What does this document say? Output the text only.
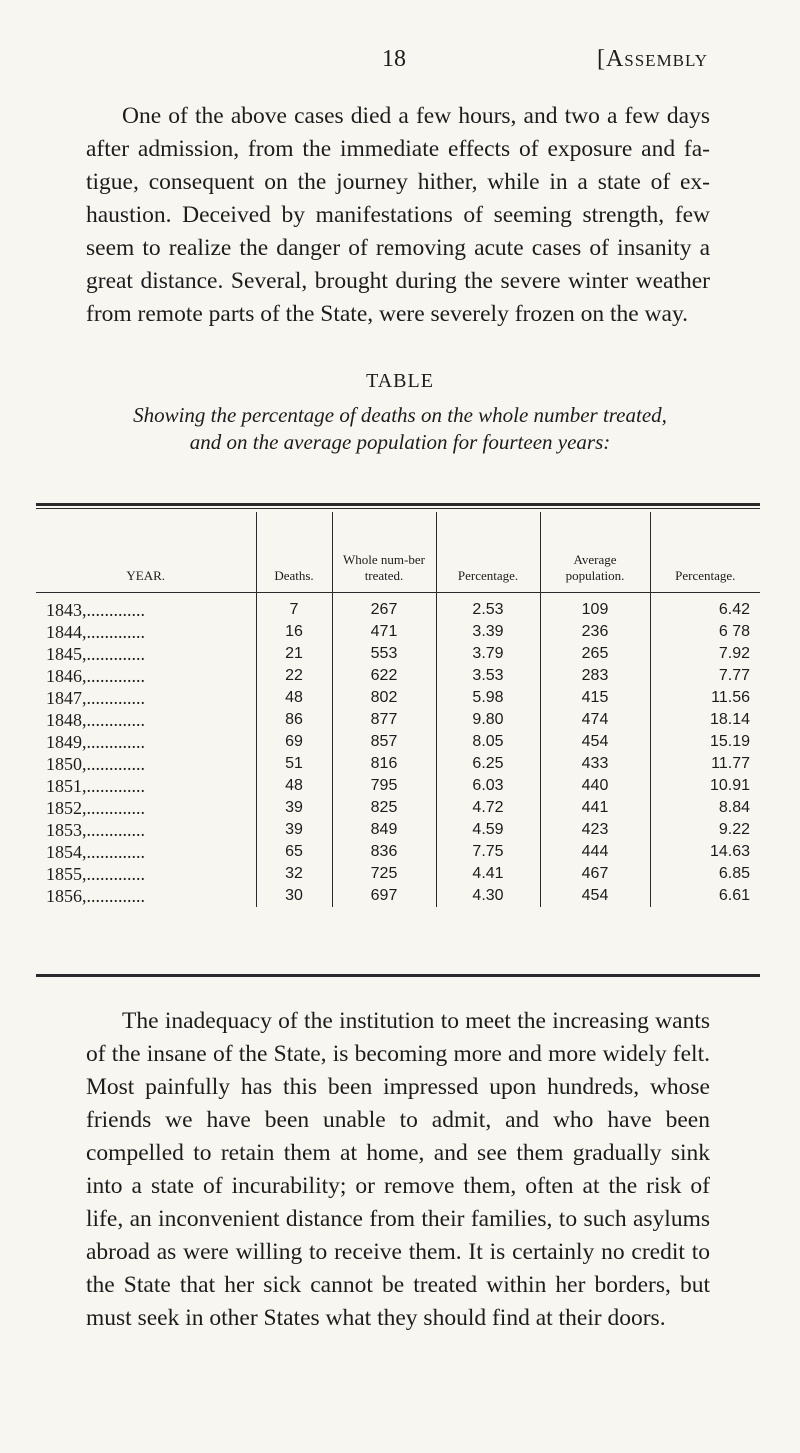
18	[Assembly

One of the above cases died a few hours, and two a few days after admission, from the immediate effects of exposure and fatigue, consequent on the journey hither, while in a state of exhaustion. Deceived by manifestations of seeming strength, few seem to realize the danger of removing acute cases of insanity a great distance. Several, brought during the severe winter weather from remote parts of the State, were severely frozen on the way.

TABLE
Showing the percentage of deaths on the whole number treated, and on the average population for fourteen years:
YEAR.	Deaths.	Whole num-ber treated.	Percentage.	Average population.	Percentage.
1843,.............	7	267	2.53	109	6.42
1844,.............	16	471	3.39	236	6 78
1845,.............	21	553	3.79	265	7.92
1846,.............	22	622	3.53	283	7.77
1847,.............	48	802	5.98	415	11.56
1848,.............	86	877	9.80	474	18.14
1849,.............	69	857	8.05	454	15.19
1850,.............	51	816	6.25	433	11.77
1851,.............	48	795	6.03	440	10.91
1852,.............	39	825	4.72	441	8.84
1853,.............	39	849	4.59	423	9.22
1854,.............	65	836	7.75	444	14.63
1855,.............	32	725	4.41	467	6.85
1856,.............	30	697	4.30	454	6.61

The inadequacy of the institution to meet the increasing wants of the insane of the State, is becoming more and more widely felt. Most painfully has this been impressed upon hundreds, whose friends we have been unable to admit, and who have been compelled to retain them at home, and see them gradually sink into a state of incurability; or remove them, often at the risk of life, an inconvenient distance from their families, to such asylums abroad as were willing to receive them. It is certainly no credit to the State that her sick cannot be treated within her borders, but must seek in other States what they should find at their doors.
